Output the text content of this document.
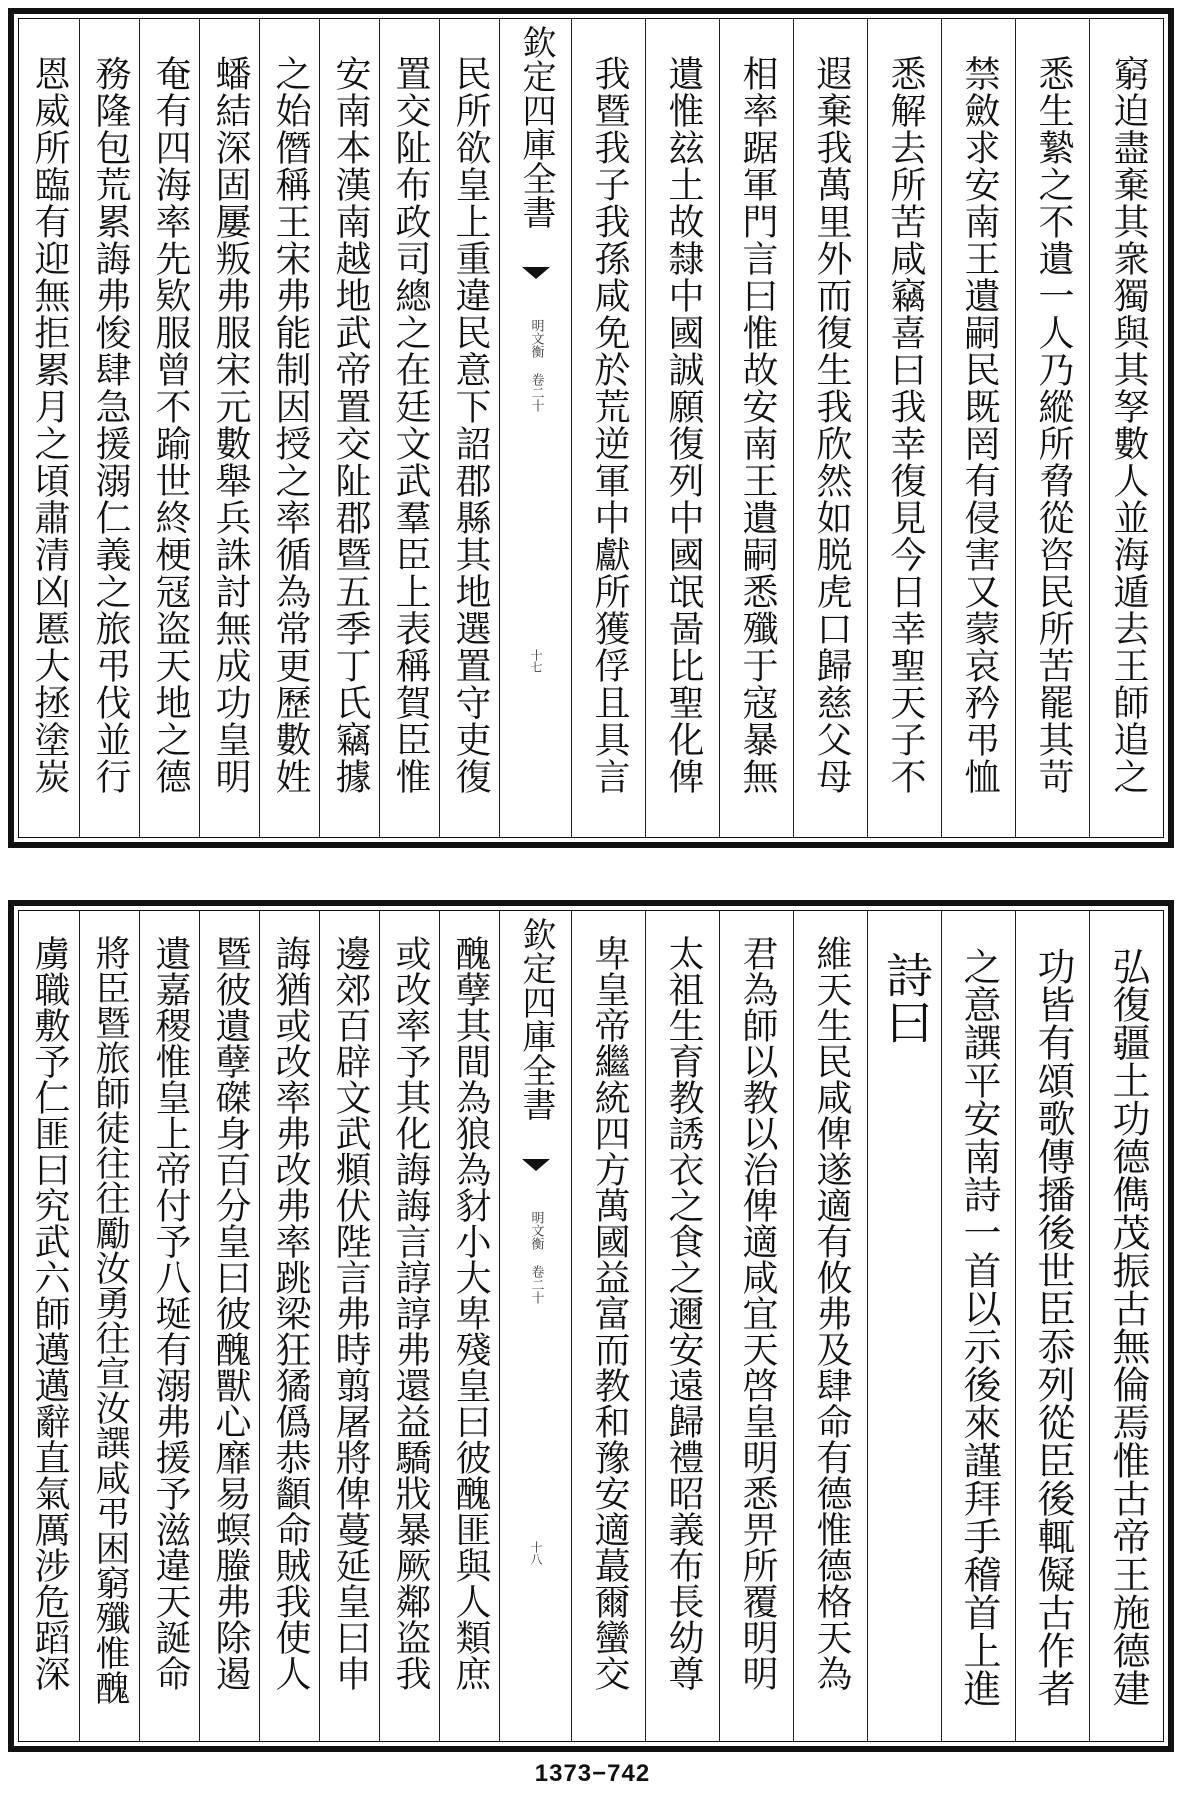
恩威所臨有迎無拒累月之頃肅清凶慝大拯塗炭 務隆包荒累誨弗悛肆急援溺仁義之旅弔伐並行 奄有四海率先欵服曾不踰世終梗冦盗天地之德 蟠結深固屢叛弗服宋元數舉兵誅討無成功皇明 之始僭稱王宋弗能制因授之率循為常更歷數姓 安南本漢南越地武帝置交阯郡暨五季丁氏竊據 置交阯布政司總之在廷文武羣臣上表稱賀臣惟 民所欲皇上重違民意下詔郡縣其地選置守吏復 欽定四庫全書
明文衡 卷二十
十七 我暨我子我孫咸免於荒逆軍中獻所獲俘且具言 遺惟玆土故隸中國誠願復列中國氓啚比聖化俾 相率踞軍門言曰惟故安南王遺嗣悉殲于寇暴無 遐棄我萬里外而復生我欣然如脱虎口歸慈父母 悉解去所苦咸竊喜曰我幸復見今日幸聖天子不 禁斂求安南王遺嗣民既罔有侵害又蒙哀矜弔恤 悉生縶之不遺一人乃縱所脅從咨民所苦罷其苛 窮迫盡棄其衆獨與其孥數人並海遁去王師追之
虜職敷予仁匪曰究武六師邁邁辭直氣厲涉危蹈深 將臣暨旅師徒往往勵汝勇往宣汝譔咸弔困窮殲惟醜 遺嘉稷惟皇上帝付予八埏有溺弗援予滋違天誕命 暨彼遺孽磔身百分皇曰彼醜獸心靡易螟螣弗除遏 誨猶或改率弗改弗率跳梁狂獝僞恭顲命賊我使人 邊郊百辟文武頫伏陛言弗時翦屠將俾蔓延皇曰申 或改率予其化誨誨言諄諄弗還益驕戕暴厥鄰盗我 醜孽其間為狼為豺小大卑殘皇曰彼醜匪與人類庶 欽定四庫全書
明文衡 卷二十
十八 卑皇帝繼統四方萬國益富而教和豫安適蕞爾蠻交 太祖生育教誘衣之食之邇安遠歸禮昭義布長幼尊 君為師以教以治俾適咸宜天啓皇明悉畀所覆明明 維天生民咸俾遂適有攸弗及肆命有德惟德格天為 詩曰 之意譔平安南詩一首以示後來謹拜手稽首上進 功皆有頌歌傳播後世臣忝列從臣後輒儗古作者 弘復疆土功德儁茂振古無倫焉惟古帝王施德建
1373−742
